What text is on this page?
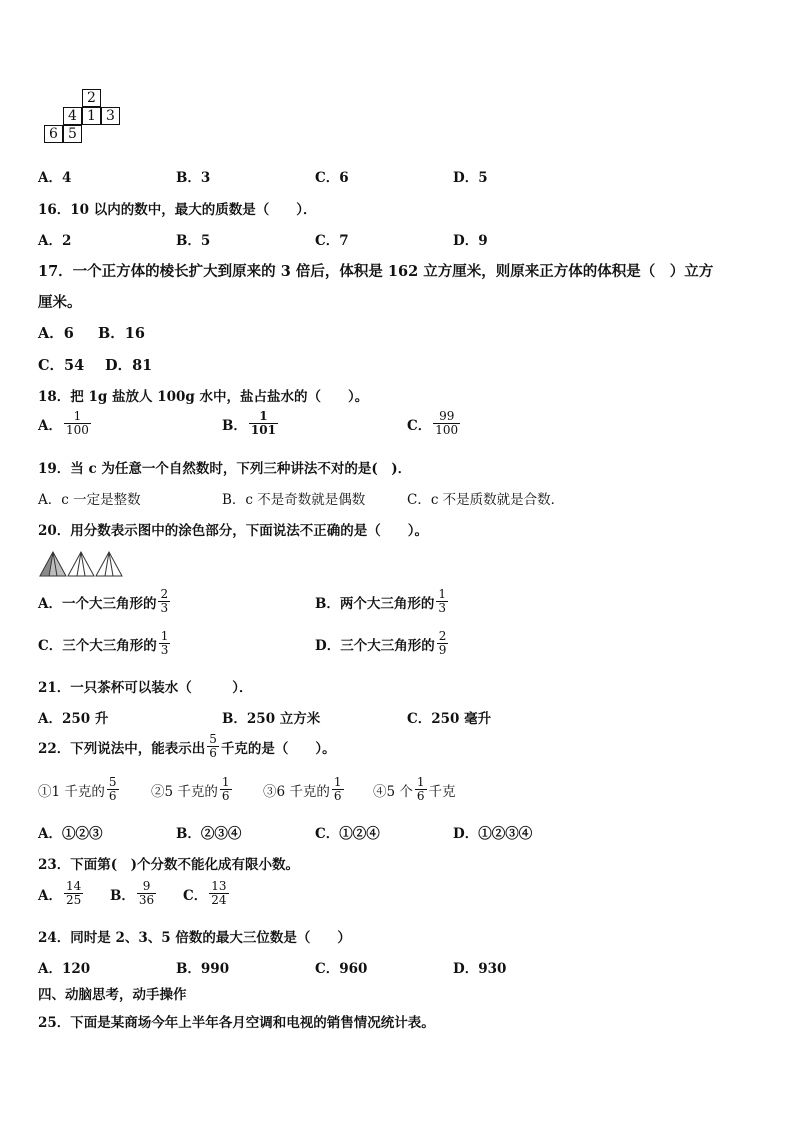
2
4 1 3
6 5
A．4	B．3	C．6	D．5
16．10 以内的数中，最大的质数是（　　）．
A．2	B．5	C．7	D．9
17．一个正方体的棱长扩大到原来的 3 倍后，体积是 162 立方厘米，则原来正方体的体积是（　）立方
厘米。
A．6 B．16
C．54 D．81
18．把 1g 盐放人 100g 水中，盐占盐水的（　　）。
A． $\frac{1}{100}$	B． $\frac{1}{101}$	C． $\frac{99}{100}$
19．当 c 为任意一个自然数时，下列三种讲法不对的是(　)．
A．c 一定是整数	B．c 不是奇数就是偶数	C．c 不是质数就是合数．
20．用分数表示图中的涂色部分，下面说法不正确的是（　　）。
A．一个大三角形的 $\frac{2}{3}$	B．两个大三角形的 $\frac{1}{3}$
C．三个大三角形的 $\frac{1}{3}$	D．三个大三角形的 $\frac{2}{9}$
21．一只茶杯可以装水（　　　）．
A．250 升	B．250 立方米	C．250 毫升
22．下列说法中，能表示出 $\frac{5}{6}$ 千克的是（　　）。
①1 千克的 $\frac{5}{6}$ ②5 千克的 $\frac{1}{6}$ ③6 千克的 $\frac{1}{6}$ ④5 个 $\frac{1}{6}$ 千克
A．①②③	B．②③④	C．①②④	D．①②③④
23．下面第(　)个分数不能化成有限小数。
A． $\frac{14}{25}$ B． $\frac{9}{36}$ C． $\frac{13}{24}$
24．同时是 2、3、5 倍数的最大三位数是（　　）
A．120	B．990	C．960	D．930
四、动脑思考，动手操作
25．下面是某商场今年上半年各月空调和电视的销售情况统计表。
